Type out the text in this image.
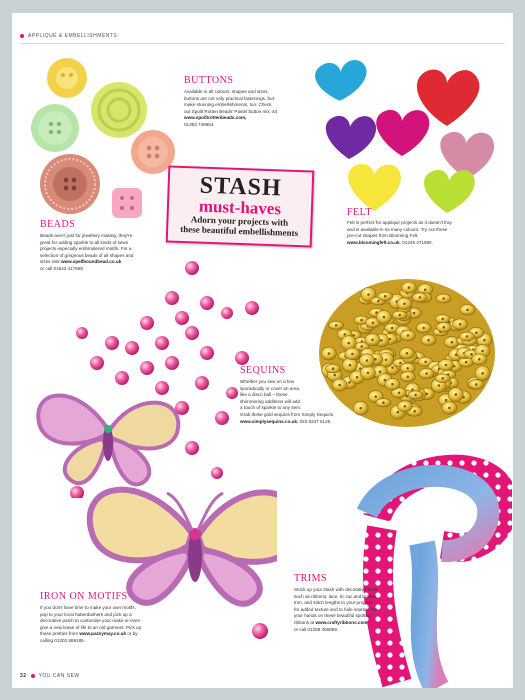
APPLIQUÉ & EMBELLISHMENTS
BUTTONS
Available in all colours, shapes and sizes,
buttons are not only practical fastenings, but
make stunning embellishments, too. Check
out Spoilt Rotten Beads' Pastel button mix, £4
www.spoiltrottenbeads.com,
01353 749854.
STASH
must-haves
Adorn your projects with
these beautiful embellishments
FELT
Felt is perfect for appliqué projects as it doesn't fray
and is available in so many colours. Try out these
pre-cut shapes from Blooming Felt,
www.bloomingfelt.co.uk, 01245 471690.
BEADS
Beads aren't just for jewellery making, they're
great for adding sparkle to all kinds of sewn
projects especially embroidered motifs. For a
selection of gorgeous beads of all shapes and
sizes visit www.spellboundbead.co.uk
or call 01543 417650.
SEQUINS
Whether you sew on a few
sporadically or cover an area
like a disco ball – these
shimmering additions will add
a touch of sparkle to any item.
Grab these gold sequins from Simply Sequins,
www.simplysequins.co.uk, 023 9247 6125.
TRIMS
Stock up your stash with decorative trims
such as ribbons, lace, ric rac and bobble
trim, and stitch lengths to your projects
for added texture and to hide seams. Get
your hands on these beautiful spotted
ribbons at www.craftyribbons.com
or call 01258 455889.
IRON ON MOTIFS
If you don't have time to make your own motifs,
pop to your local haberdashers and pick up a
decorative patch to customise your make or even
give a new lease of life to an old garment. Pick up
these pretties from www.pazsymay.co.uk or by
calling 01302 889185.
32 YOU CAN SEW
